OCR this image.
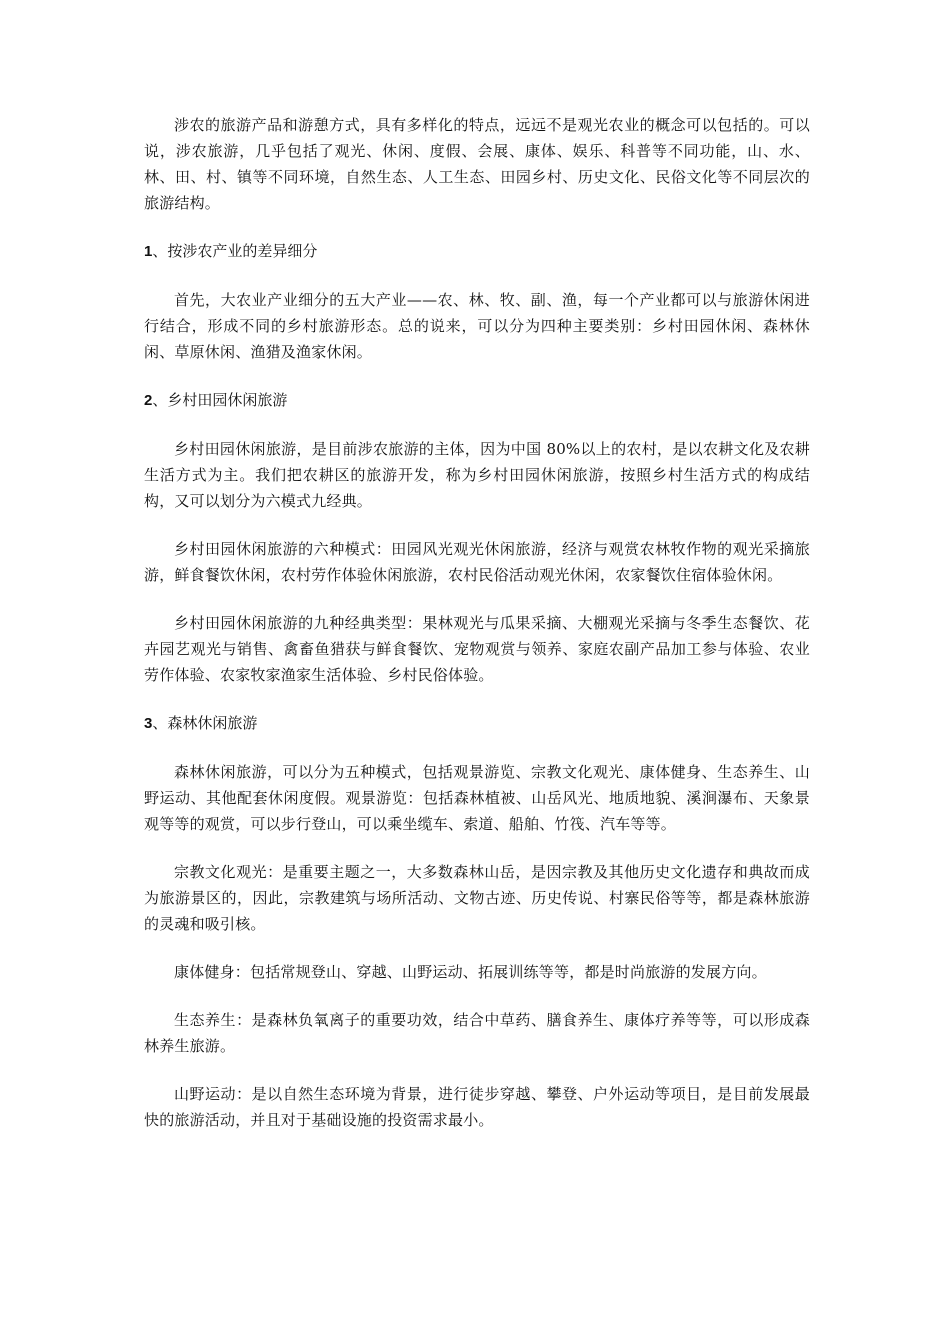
涉农的旅游产品和游憩方式，具有多样化的特点，远远不是观光农业的概念可以包括的。可以说，涉农旅游，几乎包括了观光、休闲、度假、会展、康体、娱乐、科普等不同功能，山、水、林、田、村、镇等不同环境，自然生态、人工生态、田园乡村、历史文化、民俗文化等不同层次的旅游结构。

1、按涉农产业的差异细分

首先，大农业产业细分的五大产业——农、林、牧、副、渔，每一个产业都可以与旅游休闲进行结合，形成不同的乡村旅游形态。总的说来，可以分为四种主要类别：乡村田园休闲、森林休闲、草原休闲、渔猎及渔家休闲。

2、乡村田园休闲旅游

乡村田园休闲旅游，是目前涉农旅游的主体，因为中国 80%以上的农村，是以农耕文化及农耕生活方式为主。我们把农耕区的旅游开发，称为乡村田园休闲旅游，按照乡村生活方式的构成结构，又可以划分为六模式九经典。

乡村田园休闲旅游的六种模式：田园风光观光休闲旅游，经济与观赏农林牧作物的观光采摘旅游，鲜食餐饮休闲，农村劳作体验休闲旅游，农村民俗活动观光休闲，农家餐饮住宿体验休闲。

乡村田园休闲旅游的九种经典类型：果林观光与瓜果采摘、大棚观光采摘与冬季生态餐饮、花卉园艺观光与销售、禽畜鱼猎获与鲜食餐饮、宠物观赏与领养、家庭农副产品加工参与体验、农业劳作体验、农家牧家渔家生活体验、乡村民俗体验。

3、森林休闲旅游

森林休闲旅游，可以分为五种模式，包括观景游览、宗教文化观光、康体健身、生态养生、山野运动、其他配套休闲度假。观景游览：包括森林植被、山岳风光、地质地貌、溪涧瀑布、天象景观等等的观赏，可以步行登山，可以乘坐缆车、索道、船舶、竹筏、汽车等等。

宗教文化观光：是重要主题之一，大多数森林山岳，是因宗教及其他历史文化遗存和典故而成为旅游景区的，因此，宗教建筑与场所活动、文物古迹、历史传说、村寨民俗等等，都是森林旅游的灵魂和吸引核。

康体健身：包括常规登山、穿越、山野运动、拓展训练等等，都是时尚旅游的发展方向。

生态养生：是森林负氧离子的重要功效，结合中草药、膳食养生、康体疗养等等，可以形成森林养生旅游。

山野运动：是以自然生态环境为背景，进行徒步穿越、攀登、户外运动等项目，是目前发展最快的旅游活动，并且对于基础设施的投资需求最小。
